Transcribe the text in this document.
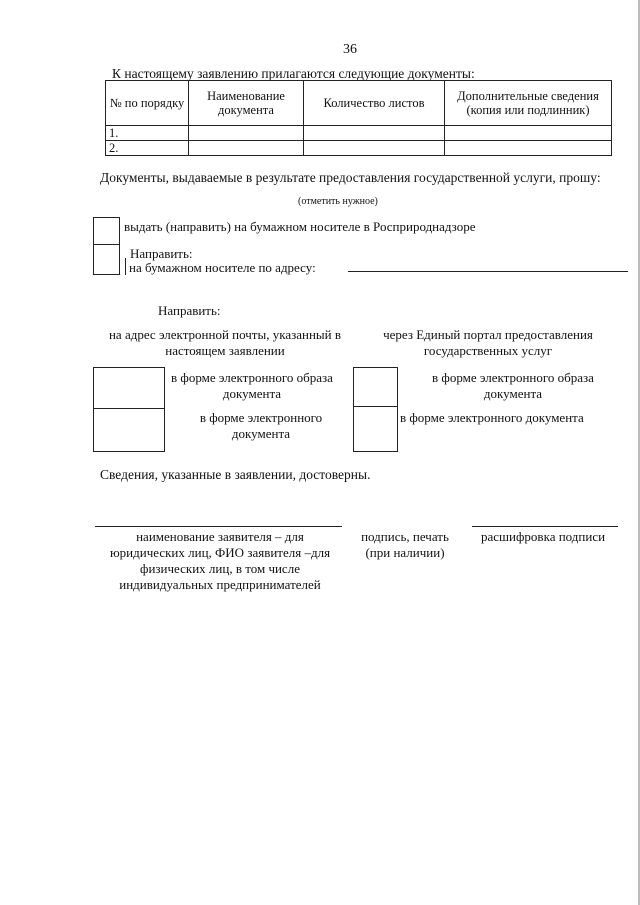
36
К настоящему заявлению прилагаются следующие документы:
№ по порядку	Наименование документа	Количество листов	Дополнительные сведения (копия или подлинник)
1.			
2.			
Документы, выдаваемые в результате предоставления государственной услуги, прошу:
(отметить нужное)
выдать (направить) на бумажном носителе в Росприроднадзоре
Направить:
на бумажном носителе по адресу:
Направить:
на адрес электронной почты, указанный в настоящем заявлении
через Единый портал предоставления государственных услуг
в форме электронного образа документа
в форме электронного документа
в форме электронного образа документа
в форме электронного документа
Сведения, указанные в заявлении, достоверны.
наименование заявителя – для юридических лиц, ФИО заявителя –для физических лиц, в том числе индивидуальных предпринимателей
подпись, печать (при наличии)
расшифровка подписи
